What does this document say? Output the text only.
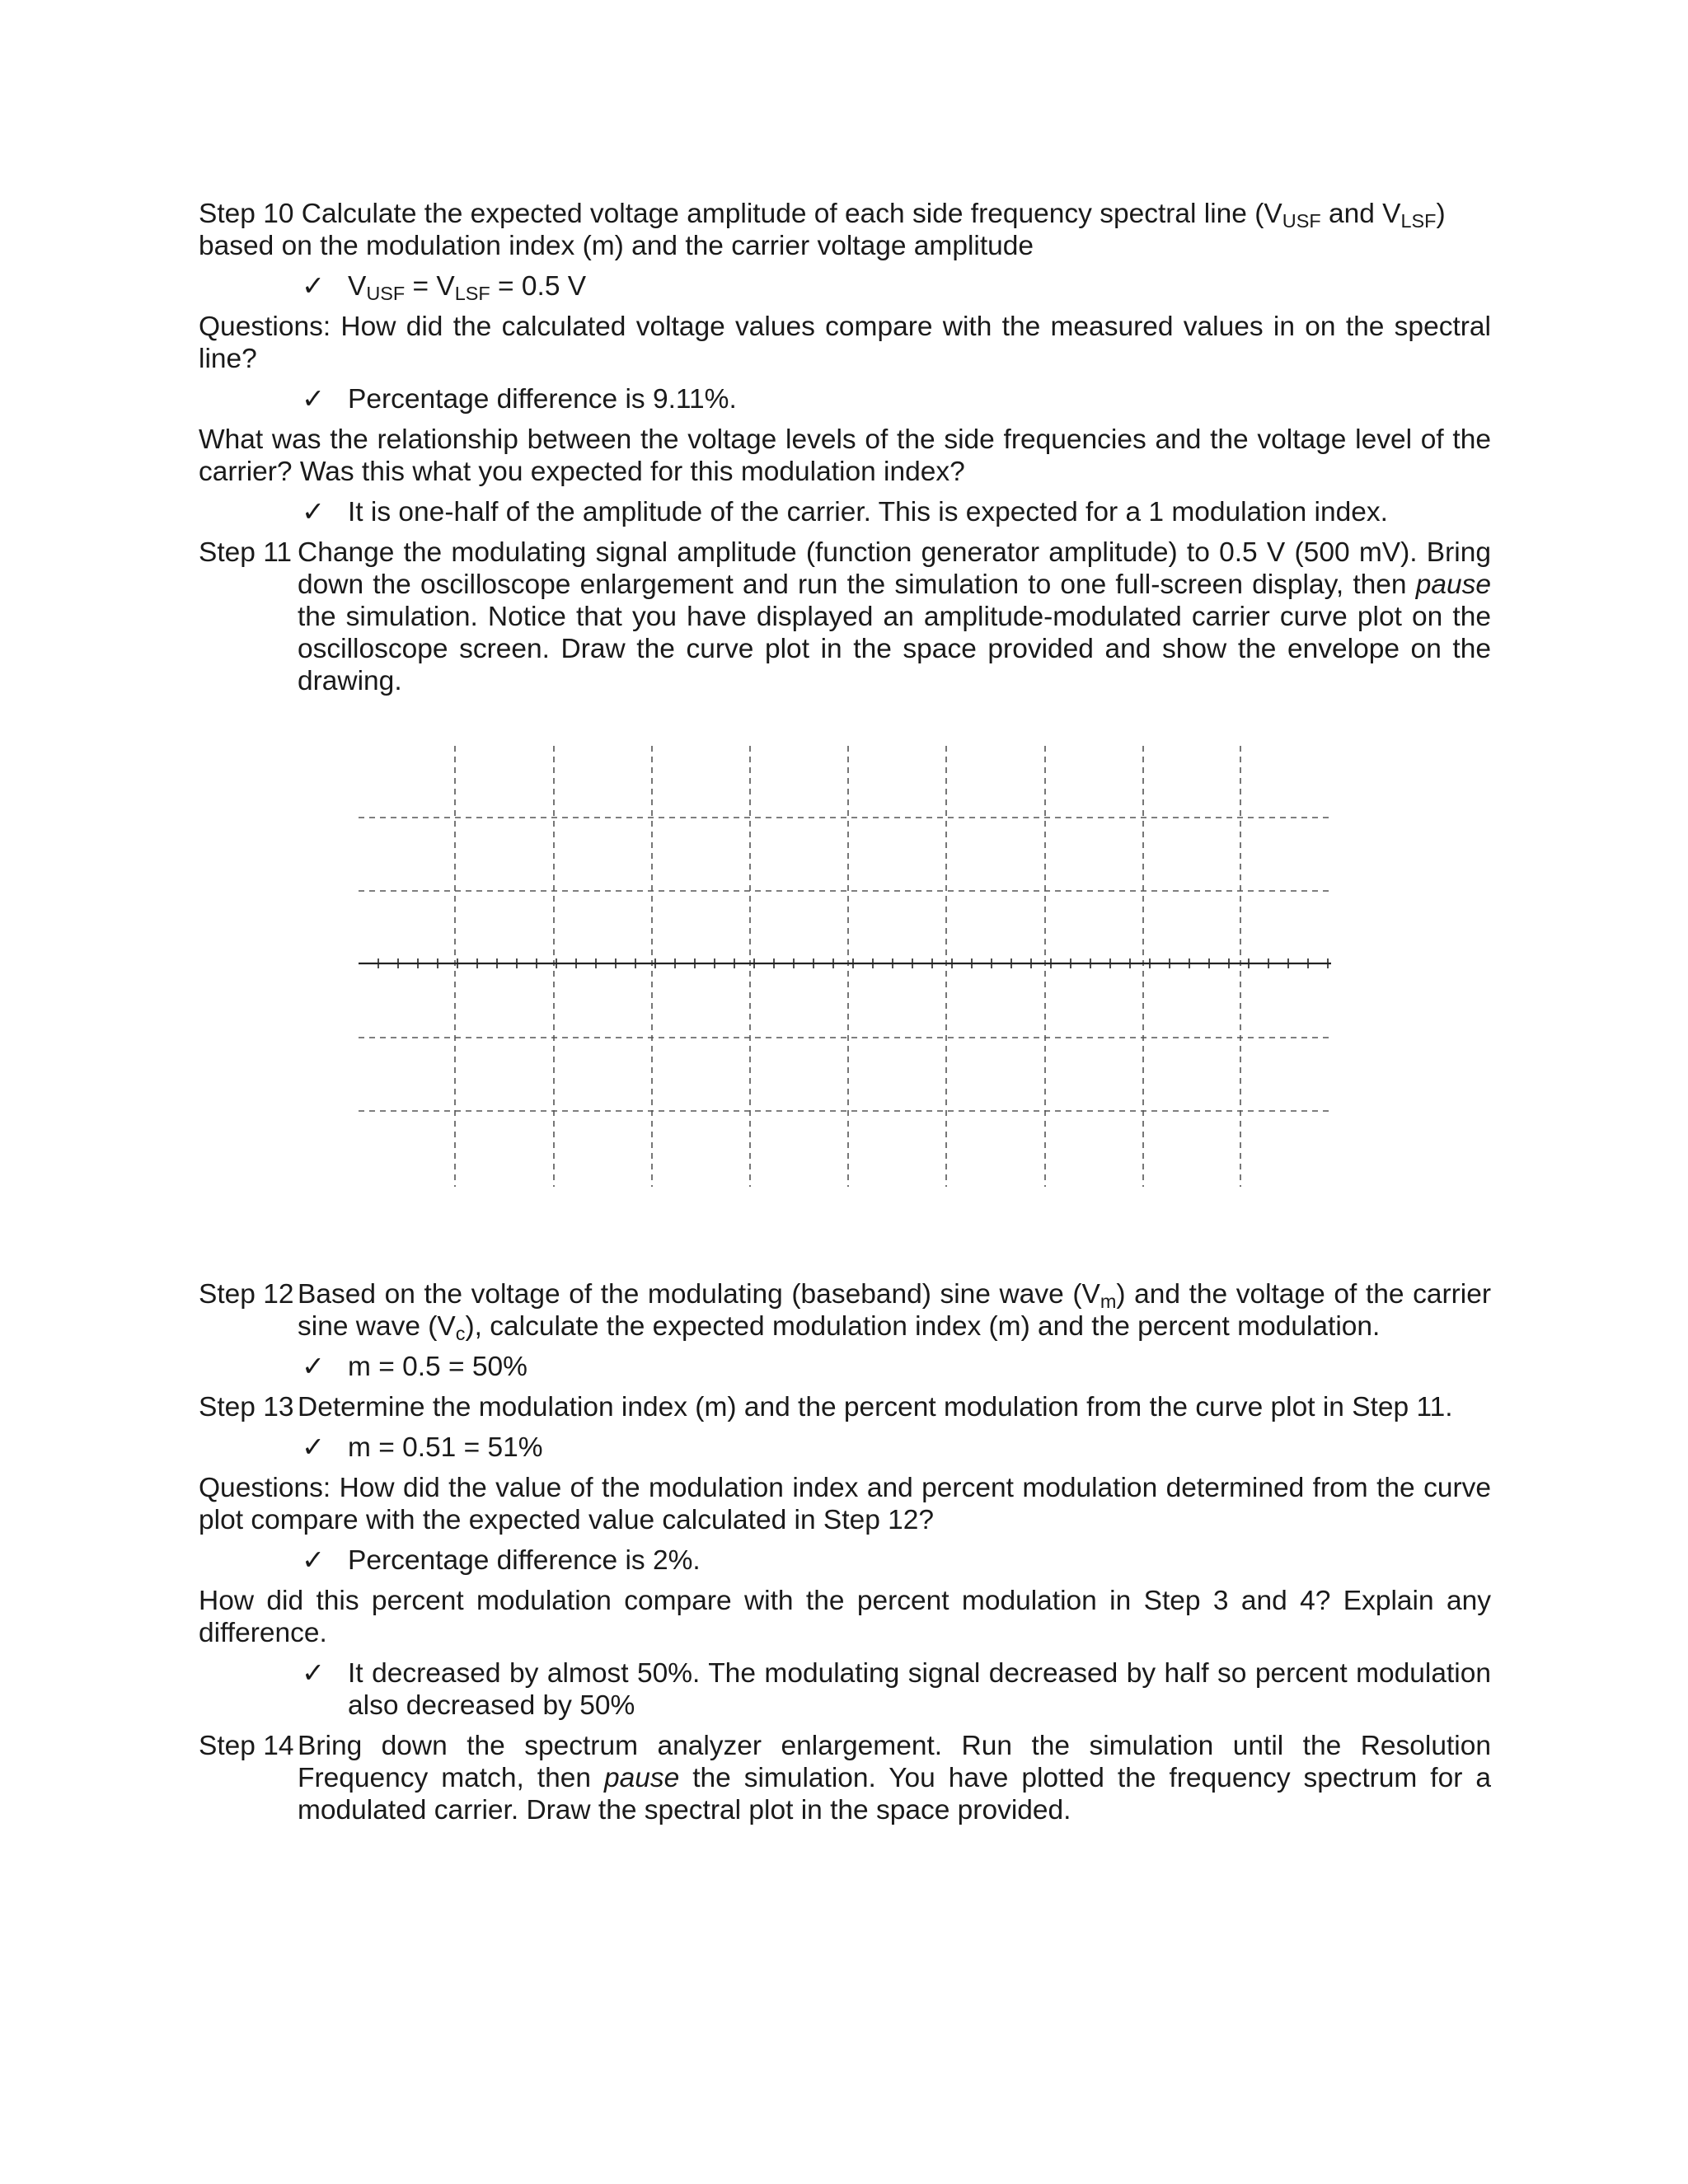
Step 10 Calculate the expected voltage amplitude of each side frequency spectral line ($V_{USF}$ and $V_{LSF}$)
based on the modulation index (m) and the carrier voltage amplitude
✓ $V_{USF} = V_{LSF} = 0.5$ V
Questions: How did the calculated voltage values compare with the measured values in on the spectral line?
✓ Percentage difference is 9.11%.
What was the relationship between the voltage levels of the side frequencies and the voltage level of the carrier? Was this what you expected for this modulation index?
✓ It is one-half of the amplitude of the carrier. This is expected for a 1 modulation index.
Step 11 Change the modulating signal amplitude (function generator amplitude) to 0.5 V (500 mV). Bring down the oscilloscope enlargement and run the simulation to one full-screen display, then pause the simulation. Notice that you have displayed an amplitude-modulated carrier curve plot on the oscilloscope screen. Draw the curve plot in the space provided and show the envelope on the drawing.
Step 12 Based on the voltage of the modulating (baseband) sine wave $(V_m)$ and the voltage of the carrier sine wave $(V_c)$, calculate the expected modulation index (m) and the percent modulation.
✓ m = 0.5 = 50%
Step 13 Determine the modulation index (m) and the percent modulation from the curve plot in Step 11.
✓ m = 0.51 = 51%
Questions: How did the value of the modulation index and percent modulation determined from the curve plot compare with the expected value calculated in Step 12?
✓ Percentage difference is 2%.
How did this percent modulation compare with the percent modulation in Step 3 and 4? Explain any difference.
✓ It decreased by almost 50%. The modulating signal decreased by half so percent modulation also decreased by 50%
Step 14 Bring down the spectrum analyzer enlargement. Run the simulation until the Resolution Frequency match, then pause the simulation. You have plotted the frequency spectrum for a modulated carrier. Draw the spectral plot in the space provided.
